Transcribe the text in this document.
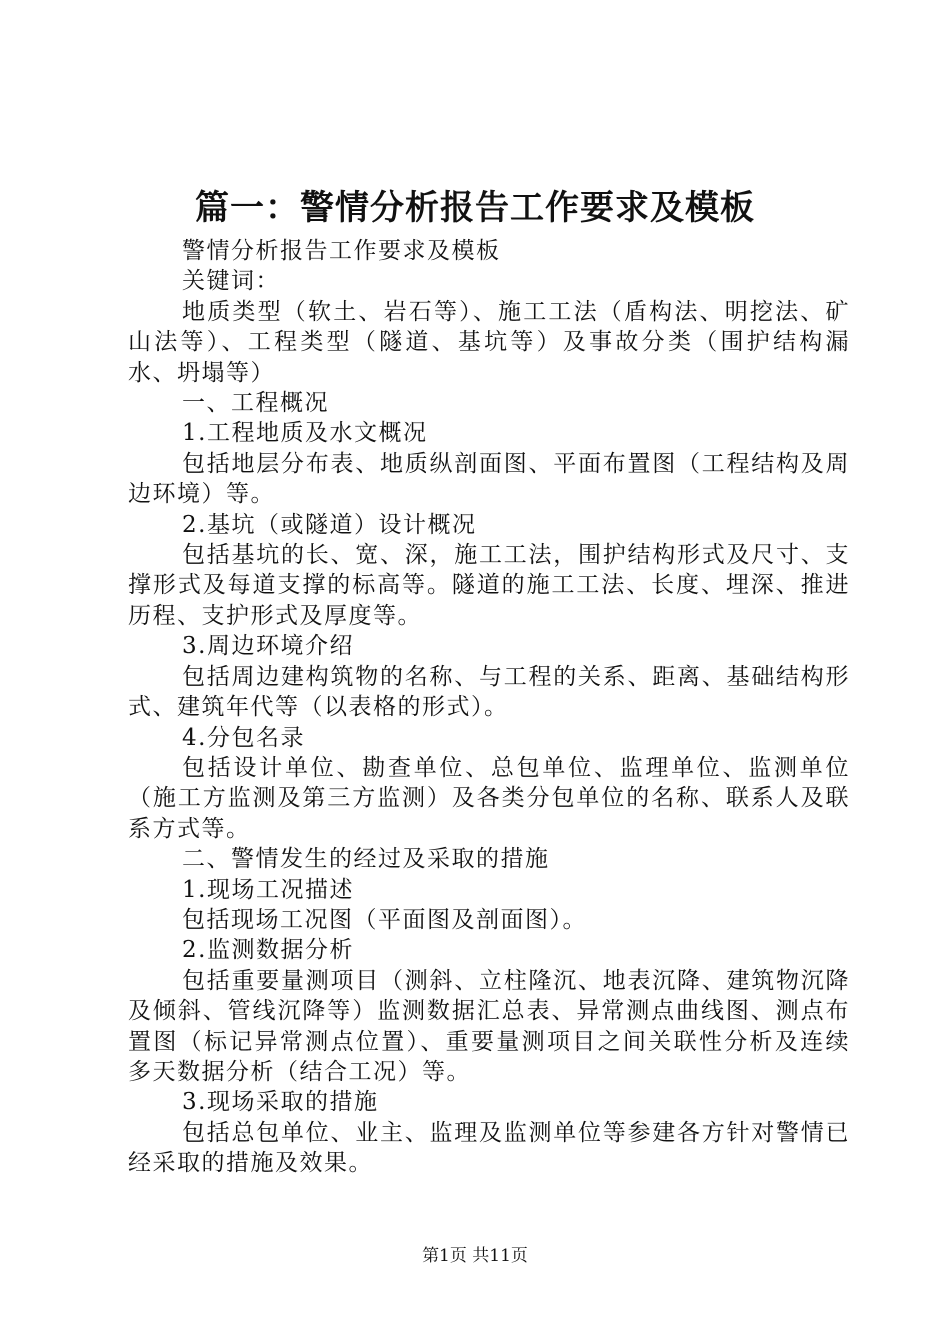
篇一：警情分析报告工作要求及模板

警情分析报告工作要求及模板

关键词：

地质类型（软土、岩石等）、施工工法（盾构法、明挖法、矿山法等）、工程类型（隧道、基坑等）及事故分类（围护结构漏水、坍塌等）

一、工程概况

1.工程地质及水文概况

包括地层分布表、地质纵剖面图、平面布置图（工程结构及周边环境）等。

2.基坑（或隧道）设计概况

包括基坑的长、宽、深，施工工法，围护结构形式及尺寸、支撑形式及每道支撑的标高等。隧道的施工工法、长度、埋深、推进历程、支护形式及厚度等。

3.周边环境介绍

包括周边建构筑物的名称、与工程的关系、距离、基础结构形式、建筑年代等（以表格的形式）。

4.分包名录

包括设计单位、勘查单位、总包单位、监理单位、监测单位（施工方监测及第三方监测）及各类分包单位的名称、联系人及联系方式等。

二、警情发生的经过及采取的措施

1.现场工况描述

包括现场工况图（平面图及剖面图）。

2.监测数据分析

包括重要量测项目（测斜、立柱隆沉、地表沉降、建筑物沉降及倾斜、管线沉降等）监测数据汇总表、异常测点曲线图、测点布置图（标记异常测点位置）、重要量测项目之间关联性分析及连续多天数据分析（结合工况）等。

3.现场采取的措施

包括总包单位、业主、监理及监测单位等参建各方针对警情已经采取的措施及效果。

第1页 共11页
